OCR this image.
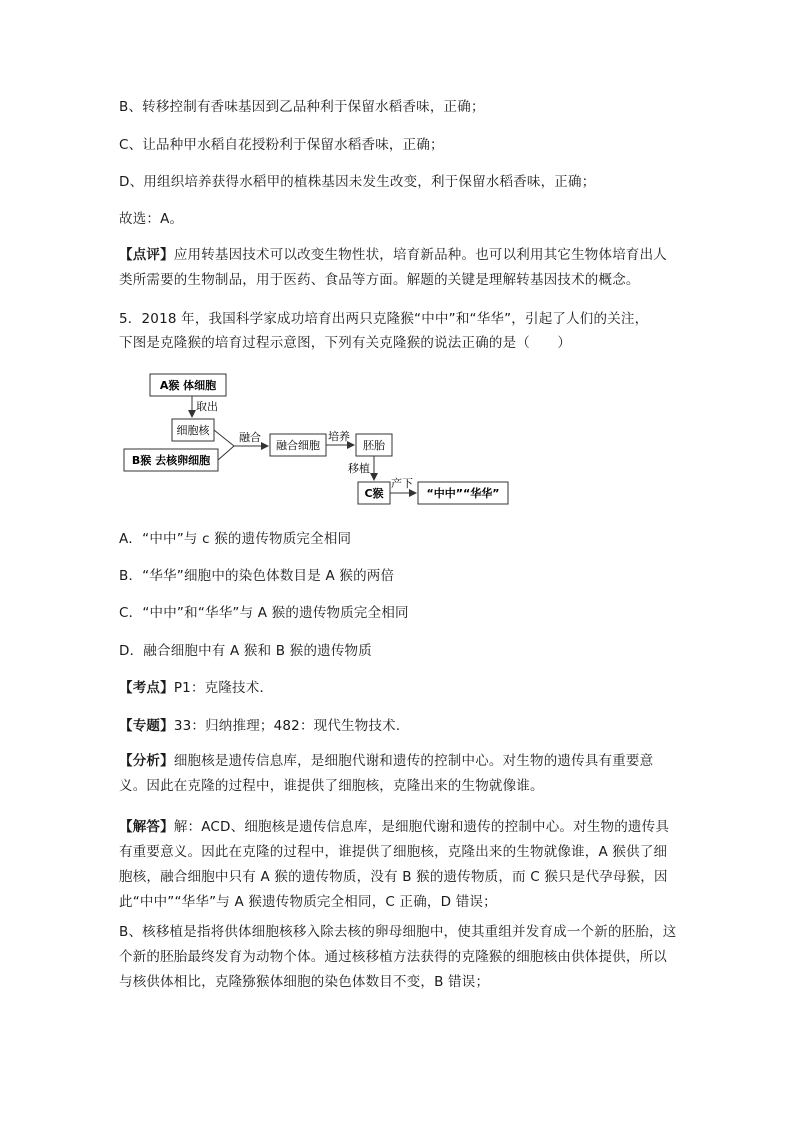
B、转移控制有香味基因到乙品种利于保留水稻香味，正确；
C、让品种甲水稻自花授粉利于保留水稻香味，正确；
D、用组织培养获得水稻甲的植株基因未发生改变，利于保留水稻香味，正确；
故选：A。
【点评】应用转基因技术可以改变生物性状，培育新品种。也可以利用其它生物体培育出人类所需要的生物制品，用于医药、食品等方面。解题的关键是理解转基因技术的概念。
5．2018 年，我国科学家成功培育出两只克隆猴“中中”和“华华”，引起了人们的关注，
下图是克隆猴的培育过程示意图，下列有关克隆猴的说法正确的是（　　）
A猴 体细胞
取出
细胞核
B猴 去核卵细胞
融合
融合细胞
培养
胚胎
移植
C猴
产下
“中中”“华华”
A．“中中”与 c 猴的遗传物质完全相同
B．“华华”细胞中的染色体数目是 A 猴的两倍
C．“中中”和“华华”与 A 猴的遗传物质完全相同
D．融合细胞中有 A 猴和 B 猴的遗传物质
【考点】P1：克隆技术．
【专题】33：归纳推理；482：现代生物技术．
【分析】细胞核是遗传信息库，是细胞代谢和遗传的控制中心。对生物的遗传具有重要意义。因此在克隆的过程中，谁提供了细胞核，克隆出来的生物就像谁。
【解答】解：ACD、细胞核是遗传信息库，是细胞代谢和遗传的控制中心。对生物的遗传具有重要意义。因此在克隆的过程中，谁提供了细胞核，克隆出来的生物就像谁，A 猴供了细胞核，融合细胞中只有 A 猴的遗传物质，没有 B 猴的遗传物质，而 C 猴只是代孕母猴，因此“中中”“华华”与 A 猴遗传物质完全相同，C 正确，D 错误；
B、核移植是指将供体细胞核移入除去核的卵母细胞中，使其重组并发育成一个新的胚胎，这个新的胚胎最终发育为动物个体。通过核移植方法获得的克隆猴的细胞核由供体提供，所以与核供体相比，克隆猕猴体细胞的染色体数目不变，B 错误；
